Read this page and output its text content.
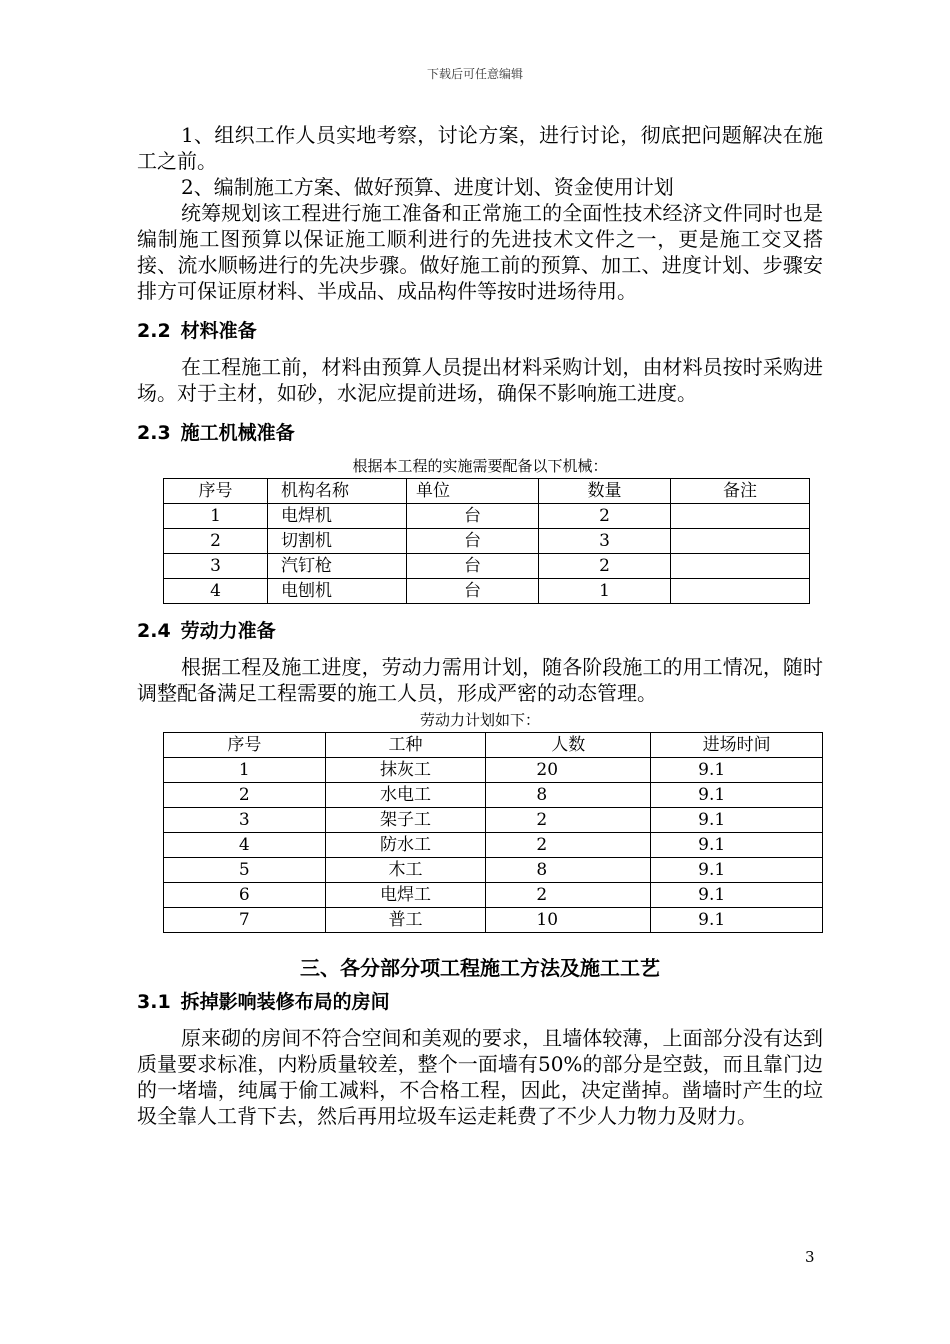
下载后可任意编辑

1、组织工作人员实地考察，讨论方案，进行讨论，彻底把问题解决在施工之前。

2、编制施工方案、做好预算、进度计划、资金使用计划

统筹规划该工程进行施工准备和正常施工的全面性技术经济文件同时也是编制施工图预算以保证施工顺利进行的先进技术文件之一，更是施工交叉搭接、流水顺畅进行的先决步骤。做好施工前的预算、加工、进度计划、步骤安排方可保证原材料、半成品、成品构件等按时进场待用。

2.2 材料准备

在工程施工前，材料由预算人员提出材料采购计划，由材料员按时采购进场。对于主材，如砂，水泥应提前进场，确保不影响施工进度。

2.3 施工机械准备
根据本工程的实施需要配备以下机械：
序号	机构名称	单位	数量	备注
1	电焊机	台	2	
2	切割机	台	3	
3	汽钉枪	台	2	
4	电刨机	台	1	
2.4 劳动力准备

根据工程及施工进度，劳动力需用计划，随各阶段施工的用工情况，随时调整配备满足工程需要的施工人员，形成严密的动态管理。

劳动力计划如下：
序号	工种	人数	进场时间
1	抹灰工	20	9.1
2	水电工	8	9.1
3	架子工	2	9.1
4	防水工	2	9.1
5	木工	8	9.1
6	电焊工	2	9.1
7	普工	10	9.1
三、各分部分项工程施工方法及施工工艺
3.1 拆掉影响装修布局的房间

原来砌的房间不符合空间和美观的要求，且墙体较薄，上面部分没有达到质量要求标准，内粉质量较差，整个一面墙有50%的部分是空鼓，而且靠门边的一堵墙，纯属于偷工减料，不合格工程，因此，决定凿掉。凿墙时产生的垃圾全靠人工背下去，然后再用垃圾车运走耗费了不少人力物力及财力。

3
